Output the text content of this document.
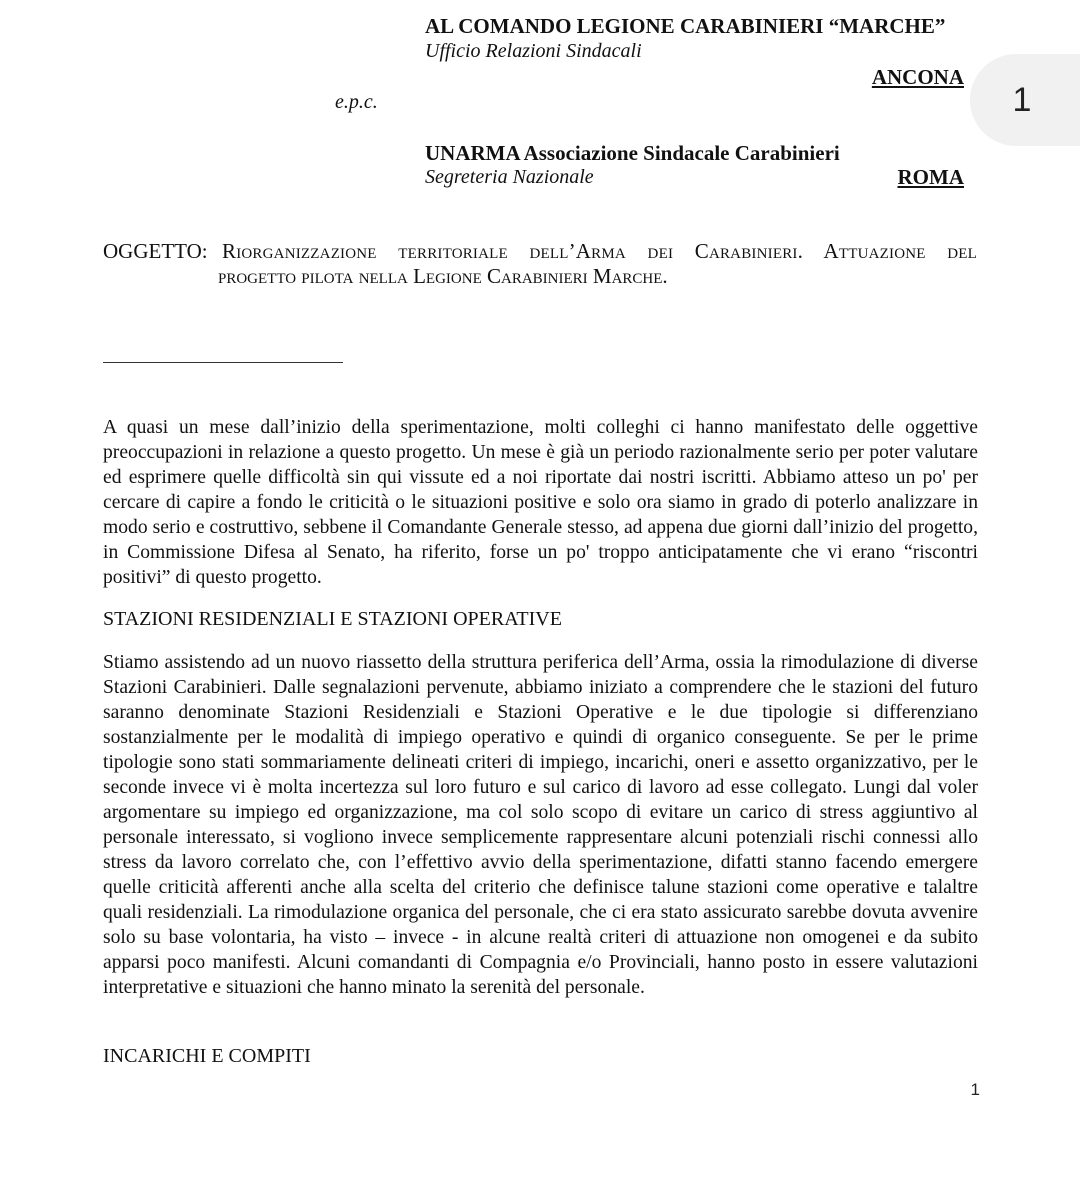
AL COMANDO LEGIONE CARABINIERI “MARCHE”
Ufficio Relazioni Sindacali
ANCONA
e.p.c.
UNARMA Associazione Sindacale Carabinieri
Segreteria Nazionale	ROMA
1
OGGETTO: Riorganizzazione territoriale dell’Arma dei Carabinieri. Attuazione del
progetto pilota nella Legione Carabinieri Marche.
A quasi un mese dall’inizio della sperimentazione, molti colleghi ci hanno manifestato delle oggettive preoccupazioni in relazione a questo progetto. Un mese è già un periodo razionalmente serio per poter valutare ed esprimere quelle difficoltà sin qui vissute ed a noi riportate dai nostri iscritti. Abbiamo atteso un po' per cercare di capire a fondo le criticità o le situazioni positive e solo ora siamo in grado di poterlo analizzare in modo serio e costruttivo, sebbene il Comandante Generale stesso, ad appena due giorni dall’inizio del progetto, in Commissione Difesa al Senato, ha riferito, forse un po' troppo anticipatamente che vi erano “riscontri positivi” di questo progetto.
STAZIONI RESIDENZIALI E STAZIONI OPERATIVE
Stiamo assistendo ad un nuovo riassetto della struttura periferica dell’Arma, ossia la rimodulazione di diverse Stazioni Carabinieri. Dalle segnalazioni pervenute, abbiamo iniziato a comprendere che le stazioni del futuro saranno denominate Stazioni Residenziali e Stazioni Operative e le due tipologie si differenziano sostanzialmente per le modalità di impiego operativo e quindi di organico conseguente. Se per le prime tipologie sono stati sommariamente delineati criteri di impiego, incarichi, oneri e assetto organizzativo, per le seconde invece vi è molta incertezza sul loro futuro e sul carico di lavoro ad esse collegato. Lungi dal voler argomentare su impiego ed organizzazione, ma col solo scopo di evitare un carico di stress aggiuntivo al personale interessato, si vogliono invece semplicemente rappresentare alcuni potenziali rischi connessi allo stress da lavoro correlato che, con l’effettivo avvio della sperimentazione, difatti stanno facendo emergere quelle criticità afferenti anche alla scelta del criterio che definisce talune stazioni come operative e talaltre quali residenziali. La rimodulazione organica del personale, che ci era stato assicurato sarebbe dovuta avvenire solo su base volontaria, ha visto – invece - in alcune realtà criteri di attuazione non omogenei e da subito apparsi poco manifesti. Alcuni comandanti di Compagnia e/o Provinciali, hanno posto in essere valutazioni interpretative e situazioni che hanno minato la serenità del personale.
INCARICHI E COMPITI
1
